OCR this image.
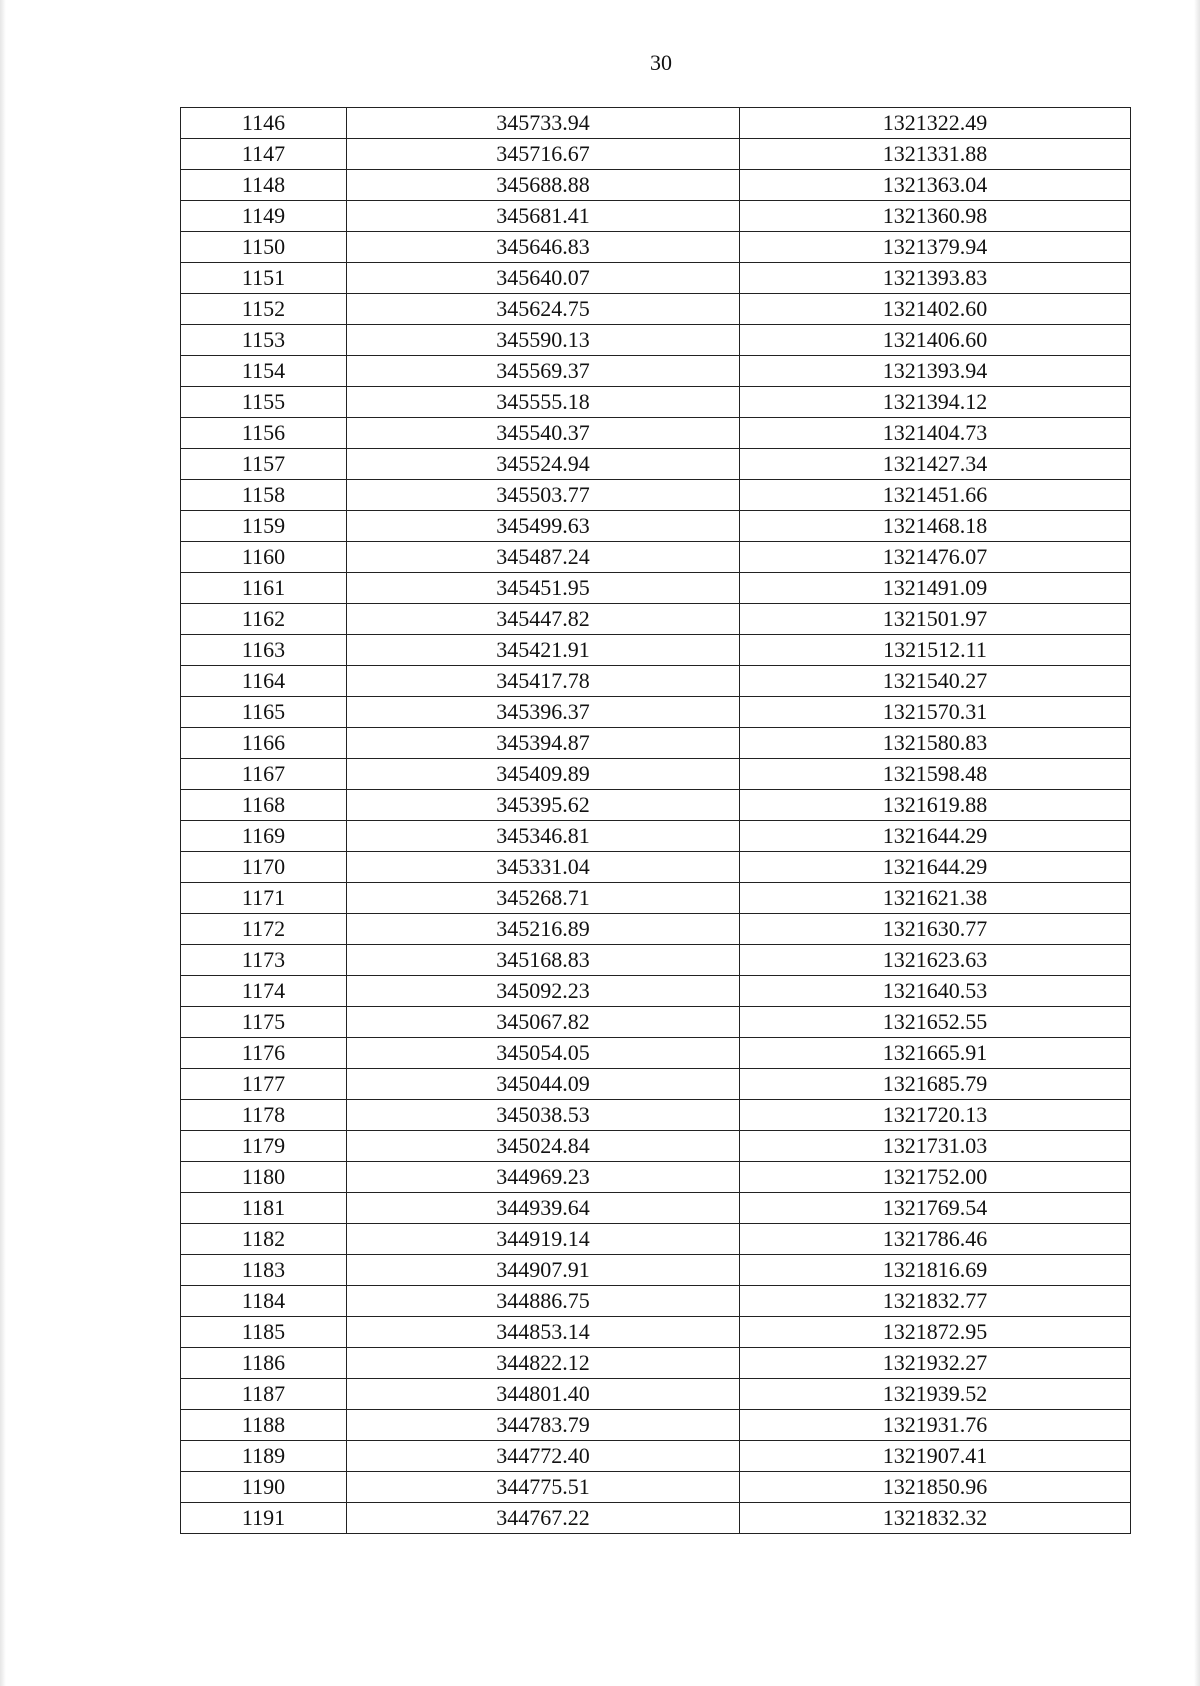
30
1146	345733.94	1321322.49
1147	345716.67	1321331.88
1148	345688.88	1321363.04
1149	345681.41	1321360.98
1150	345646.83	1321379.94
1151	345640.07	1321393.83
1152	345624.75	1321402.60
1153	345590.13	1321406.60
1154	345569.37	1321393.94
1155	345555.18	1321394.12
1156	345540.37	1321404.73
1157	345524.94	1321427.34
1158	345503.77	1321451.66
1159	345499.63	1321468.18
1160	345487.24	1321476.07
1161	345451.95	1321491.09
1162	345447.82	1321501.97
1163	345421.91	1321512.11
1164	345417.78	1321540.27
1165	345396.37	1321570.31
1166	345394.87	1321580.83
1167	345409.89	1321598.48
1168	345395.62	1321619.88
1169	345346.81	1321644.29
1170	345331.04	1321644.29
1171	345268.71	1321621.38
1172	345216.89	1321630.77
1173	345168.83	1321623.63
1174	345092.23	1321640.53
1175	345067.82	1321652.55
1176	345054.05	1321665.91
1177	345044.09	1321685.79
1178	345038.53	1321720.13
1179	345024.84	1321731.03
1180	344969.23	1321752.00
1181	344939.64	1321769.54
1182	344919.14	1321786.46
1183	344907.91	1321816.69
1184	344886.75	1321832.77
1185	344853.14	1321872.95
1186	344822.12	1321932.27
1187	344801.40	1321939.52
1188	344783.79	1321931.76
1189	344772.40	1321907.41
1190	344775.51	1321850.96
1191	344767.22	1321832.32
